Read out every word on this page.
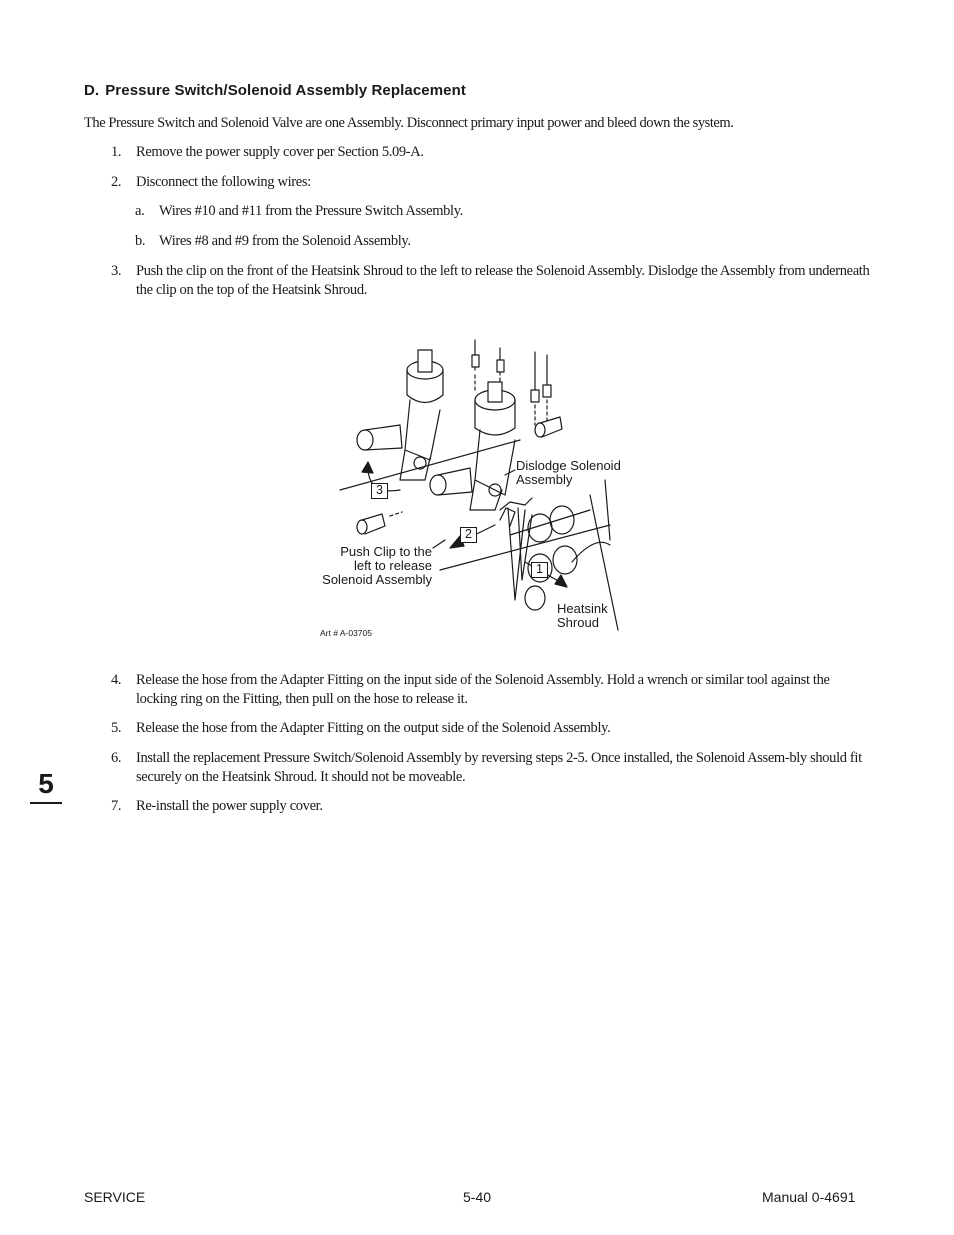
D. Pressure Switch/Solenoid Assembly Replacement
The Pressure Switch and Solenoid Valve are one Assembly. Disconnect primary input power and bleed down the system.
1. Remove the power supply cover per Section 5.09-A.
2. Disconnect the following wires:
a. Wires #10 and #11 from the Pressure Switch Assembly.
b. Wires #8 and #9 from the Solenoid Assembly.
3. Push the clip on the front of the Heatsink Shroud to the left to release the Solenoid Assembly. Dislodge the Assembly from underneath the clip on the top of the Heatsink Shroud.
Dislodge Solenoid Assembly
Push Clip to the left to release Solenoid Assembly
Heatsink Shroud
1
2
3
Art # A-03705
4. Release the hose from the Adapter Fitting on the input side of the Solenoid Assembly. Hold a wrench or similar tool against the locking ring on the Fitting, then pull on the hose to release it.
5. Release the hose from the Adapter Fitting on the output side of the Solenoid Assembly.
6. Install the replacement Pressure Switch/Solenoid Assembly by reversing steps 2-5. Once installed, the Solenoid Assem-bly should fit securely on the Heatsink Shroud. It should not be moveable.
7. Re-install the power supply cover.
5
SERVICE	5-40	Manual 0-4691
